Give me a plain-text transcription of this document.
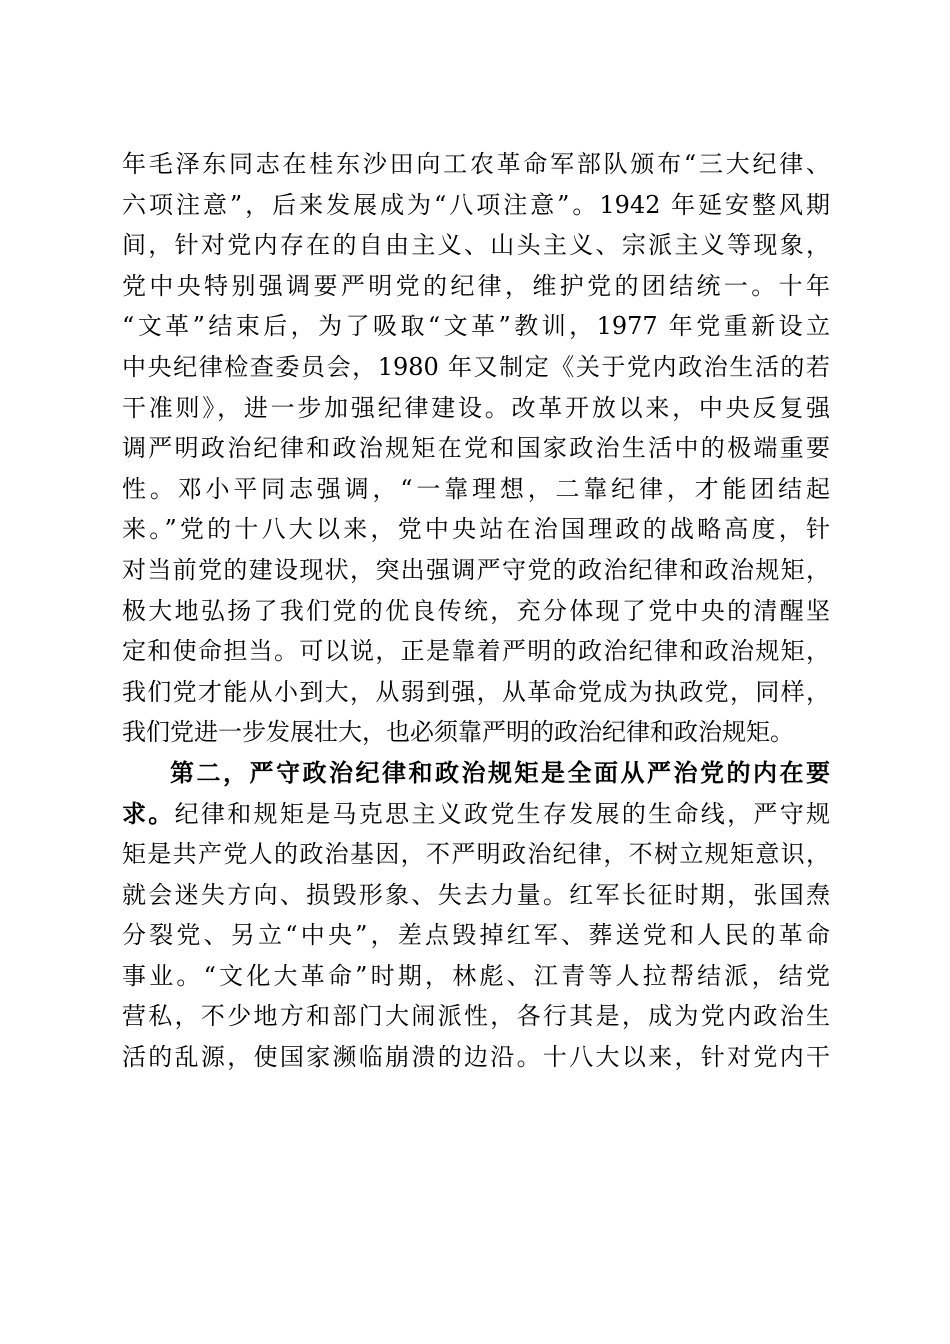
年毛泽东同志在桂东沙田向工农革命军部队颁布“三大纪律、
六项注意”，后来发展成为“八项注意”。1942 年延安整风期
间，针对党内存在的自由主义、山头主义、宗派主义等现象，
党中央特别强调要严明党的纪律，维护党的团结统一。十年
“文革”结束后，为了吸取“文革”教训，1977 年党重新设立
中央纪律检查委员会，1980 年又制定《关于党内政治生活的若
干准则》，进一步加强纪律建设。改革开放以来，中央反复强
调严明政治纪律和政治规矩在党和国家政治生活中的极端重要
性。邓小平同志强调，“一靠理想，二靠纪律，才能团结起
来。”党的十八大以来，党中央站在治国理政的战略高度，针
对当前党的建设现状，突出强调严守党的政治纪律和政治规矩，
极大地弘扬了我们党的优良传统，充分体现了党中央的清醒坚
定和使命担当。可以说，正是靠着严明的政治纪律和政治规矩，
我们党才能从小到大，从弱到强，从革命党成为执政党，同样，
我们党进一步发展壮大，也必须靠严明的政治纪律和政治规矩。
第二，严守政治纪律和政治规矩是全面从严治党的内在要
求。纪律和规矩是马克思主义政党生存发展的生命线，严守规
矩是共产党人的政治基因，不严明政治纪律，不树立规矩意识，
就会迷失方向、损毁形象、失去力量。红军长征时期，张国焘
分裂党、另立“中央”，差点毁掉红军、葬送党和人民的革命
事业。“文化大革命”时期，林彪、江青等人拉帮结派，结党
营私，不少地方和部门大闹派性，各行其是，成为党内政治生
活的乱源，使国家濒临崩溃的边沿。十八大以来，针对党内干
